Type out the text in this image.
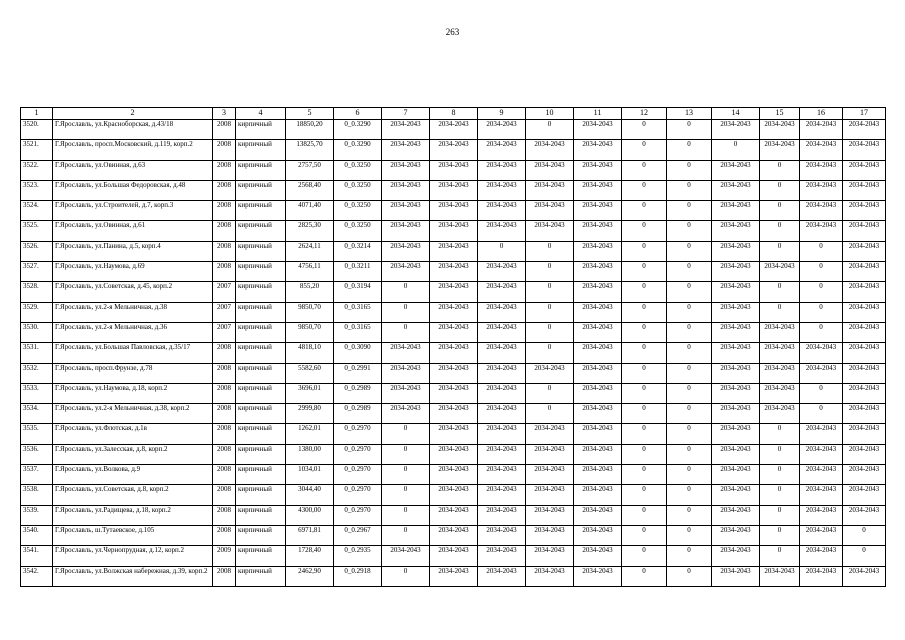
263
1	2	3	4	5	6	7	8	9	10	11	12	13	14	15	16	17
3520.	Г.Ярославль, ул.Красноборская, д.43/18	2008	кирпичный	18850,20	0_0.3290	2034-2043	2034-2043	2034-2043	0	2034-2043	0	0	2034-2043	2034-2043	2034-2043	2034-2043
3521.	Г.Ярославль, просп.Московский, д.119, корп.2	2008	кирпичный	13825,70	0_0.3290	2034-2043	2034-2043	2034-2043	2034-2043	2034-2043	0	0	0	2034-2043	2034-2043	2034-2043
3522.	Г.Ярославль, ул.Овинная, д.63	2008	кирпичный	2757,50	0_0.3250	2034-2043	2034-2043	2034-2043	2034-2043	2034-2043	0	0	2034-2043	0	2034-2043	2034-2043
3523.	Г.Ярославль, ул.Большая Федоровская, д.48	2008	кирпичный	2568,40	0_0.3250	2034-2043	2034-2043	2034-2043	2034-2043	2034-2043	0	0	2034-2043	0	2034-2043	2034-2043
3524.	Г.Ярославль, ул.Строителей, д.7, корп.3	2008	кирпичный	4071,40	0_0.3250	2034-2043	2034-2043	2034-2043	2034-2043	2034-2043	0	0	2034-2043	0	2034-2043	2034-2043
3525.	Г.Ярославль, ул.Овинная, д.61	2008	кирпичный	2825,30	0_0.3250	2034-2043	2034-2043	2034-2043	2034-2043	2034-2043	0	0	2034-2043	0	2034-2043	2034-2043
3526.	Г.Ярославль, ул.Панина, д.5, корп.4	2008	кирпичный	2624,11	0_0.3214	2034-2043	2034-2043	0	0	2034-2043	0	0	2034-2043	0	0	2034-2043
3527.	Г.Ярославль, ул.Наумова, д.69	2008	кирпичный	4756,11	0_0.3211	2034-2043	2034-2043	2034-2043	0	2034-2043	0	0	2034-2043	2034-2043	0	2034-2043
3528.	Г.Ярославль, ул.Советская, д.45, корп.2	2007	кирпичный	855,20	0_0.3194	0	2034-2043	2034-2043	0	2034-2043	0	0	2034-2043	0	0	2034-2043
3529.	Г.Ярославль, ул.2-я Мельничная, д.38	2007	кирпичный	9850,70	0_0.3165	0	2034-2043	2034-2043	0	2034-2043	0	0	2034-2043	0	0	2034-2043
3530.	Г.Ярославль, ул.2-я Мельничная, д.36	2007	кирпичный	9850,70	0_0.3165	0	2034-2043	2034-2043	0	2034-2043	0	0	2034-2043	2034-2043	0	2034-2043
3531.	Г.Ярославль, ул.Большая Павловская, д.35/17	2008	кирпичный	4818,10	0_0.3090	2034-2043	2034-2043	2034-2043	0	2034-2043	0	0	2034-2043	2034-2043	2034-2043	2034-2043
3532.	Г.Ярославль, просп.Фрунзе, д.78	2008	кирпичный	5582,60	0_0.2991	2034-2043	2034-2043	2034-2043	2034-2043	2034-2043	0	0	2034-2043	2034-2043	2034-2043	2034-2043
3533.	Г.Ярославль, ул.Наумова, д.18, корп.2	2008	кирпичный	3696,01	0_0.2989	2034-2043	2034-2043	2034-2043	0	2034-2043	0	0	2034-2043	2034-2043	0	2034-2043
3534.	Г.Ярославль, ул.2-я Мельничная, д.38, корп.2	2008	кирпичный	2999,80	0_0.2989	2034-2043	2034-2043	2034-2043	0	2034-2043	0	0	2034-2043	2034-2043	0	2034-2043
3535.	Г.Ярославль, ул.Флотская, д.1в	2008	кирпичный	1262,01	0_0.2970	0	2034-2043	2034-2043	2034-2043	2034-2043	0	0	2034-2043	0	2034-2043	2034-2043
3536.	Г.Ярославль, ул.Залесская, д.8, корп.2	2008	кирпичный	1380,00	0_0.2970	0	2034-2043	2034-2043	2034-2043	2034-2043	0	0	2034-2043	0	2034-2043	2034-2043
3537.	Г.Ярославль, ул.Волкова, д.9	2008	кирпичный	1034,01	0_0.2970	0	2034-2043	2034-2043	2034-2043	2034-2043	0	0	2034-2043	0	2034-2043	2034-2043
3538.	Г.Ярославль, ул.Советская, д.8, корп.2	2008	кирпичный	3044,40	0_0.2970	0	2034-2043	2034-2043	2034-2043	2034-2043	0	0	2034-2043	0	2034-2043	2034-2043
3539.	Г.Ярославль, ул.Радищева, д.18, корп.2	2008	кирпичный	4300,00	0_0.2970	0	2034-2043	2034-2043	2034-2043	2034-2043	0	0	2034-2043	0	2034-2043	2034-2043
3540.	Г.Ярославль, ш.Тутаевское, д.105	2008	кирпичный	6971,81	0_0.2967	0	2034-2043	2034-2043	2034-2043	2034-2043	0	0	2034-2043	0	2034-2043	0
3541.	Г.Ярославль, ул.Чернопрудная, д.12, корп.2	2009	кирпичный	1728,40	0_0.2935	2034-2043	2034-2043	2034-2043	2034-2043	2034-2043	0	0	2034-2043	0	2034-2043	0
3542.	Г.Ярославль, ул.Волжская набережная, д.39, корп.2	2008	кирпичный	2462,90	0_0.2918	0	2034-2043	2034-2043	2034-2043	2034-2043	0	0	2034-2043	2034-2043	2034-2043	2034-2043
